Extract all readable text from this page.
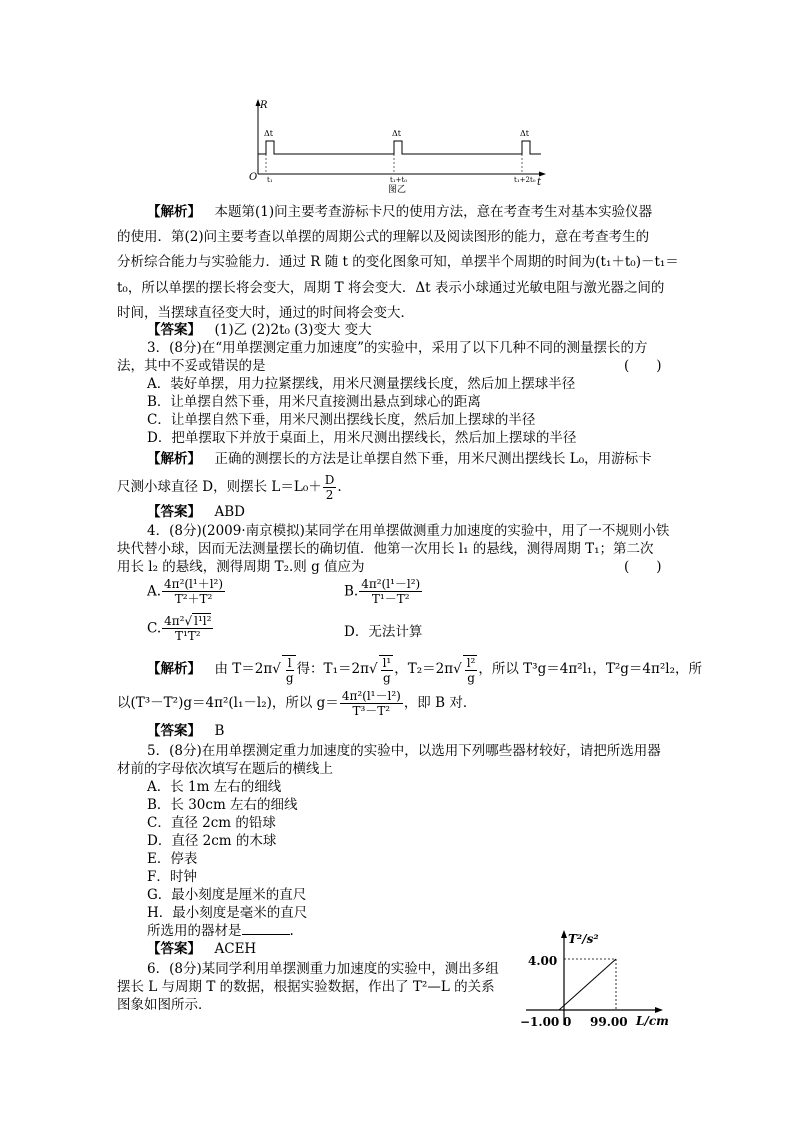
R
O	t
Δt	Δt	Δt
t₁	t₁+t₀	t₁+2t₀
图乙
【解析】  本题第(1)问主要考查游标卡尺的使用方法，意在考查考生对基本实验仪器
的使用．第(2)问主要考查以单摆的周期公式的理解以及阅读图形的能力，意在考查考生的
分析综合能力与实验能力．通过 R 随 t 的变化图象可知，单摆半个周期的时间为(t₁＋t₀)－t₁＝
t₀，所以单摆的摆长将会变大，周期 T 将会变大．Δt 表示小球通过光敏电阻与激光器之间的
时间，当摆球直径变大时，通过的时间将会变大．
【答案】  (1)乙 (2)2t₀ (3)变大 变大
3．(8分)在“用单摆测定重力加速度”的实验中，采用了以下几种不同的测量摆长的方
法，其中不妥或错误的是	(　　)
A．装好单摆，用力拉紧摆线，用米尺测量摆线长度，然后加上摆球半径
B．让单摆自然下垂，用米尺直接测出悬点到球心的距离
C．让单摆自然下垂，用米尺测出摆线长度，然后加上摆球的半径
D．把单摆取下并放于桌面上，用米尺测出摆线长，然后加上摆球的半径
【解析】  正确的测摆长的方法是让单摆自然下垂，用米尺测出摆线长 L₀，用游标卡
尺测小球直径 D，则摆长 $L=L_0+ \frac{D}{2}$ .
【答案】  ABD
4．(8分)(2009·南京模拟)某同学在用单摆做测重力加速度的实验中，用了一不规则小铁
块代替小球，因而无法测量摆长的确切值．他第一次用长 l₁ 的悬线，测得周期 T₁；第二次
用长 l₂ 的悬线，测得周期 T₂.则 g 值应为	(　　)
A. $\frac{\text{4π²(l¹＋l²)}}{\text{T²＋T²}}$	B. $\frac{\text{4π²(l¹－l²)}}{\text{T¹－T²}}$
C. $\frac{\text{4π²√ l¹l²}}{\text{T¹T²}}$	D．无法计算
【解析】  由 $T=2\pi√ \frac{l}{g}$ 得：$T_1=2\pi√ \frac{\text{l¹}}{g}$ ，$T_2=2\pi√ \frac{\text{l²}}{g}$ ，所以 T³g＝4π²l₁，T²g＝4π²l₂，所
以(T³－T²)g＝4π²(l₁－l₂)，所以 $g= \frac{\text{4π²(l¹－l²)}}{\text{T³－T²}}$ ，即 B 对．
【答案】  B
5．(8分)在用单摆测定重力加速度的实验中，以选用下列哪些器材较好，请把所选用器
材前的字母依次填写在题后的横线上
A．长 1m 左右的细线
B．长 30cm 左右的细线
C．直径 2cm 的铅球
D．直径 2cm 的木球
E．停表
F．时钟
G．最小刻度是厘米的直尺
H．最小刻度是毫米的直尺
所选用的器材是	.
【答案】  ACEH
6．(8分)某同学利用单摆测重力加速度的实验中，测出多组
摆长 L 与周期 T 的数据，根据实验数据，作出了 T²—L 的关系
图象如图所示．
T²/s²
4.00
−1.00 0 99.00 L/cm
